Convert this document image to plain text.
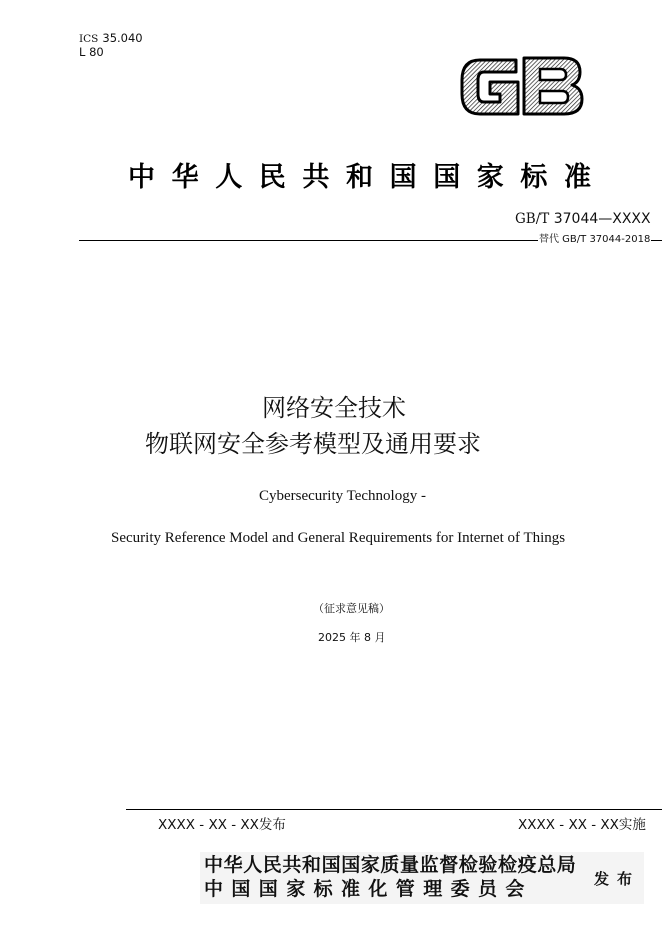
ICS 35.040
L 80
中华人民共和国国家标准
GB/T 37044—XXXX
替代 GB/T 37044-2018
网络安全技术
物联网安全参考模型及通用要求
Cybersecurity Technology -
Security Reference Model and General Requirements for Internet of Things
（征求意见稿）
2025 年 8 月
XXXX - XX - XX发布	XXXX - XX - XX实施
中华人民共和国国家质量监督检验检疫总局
中国国家标准化管理委员会	发布
